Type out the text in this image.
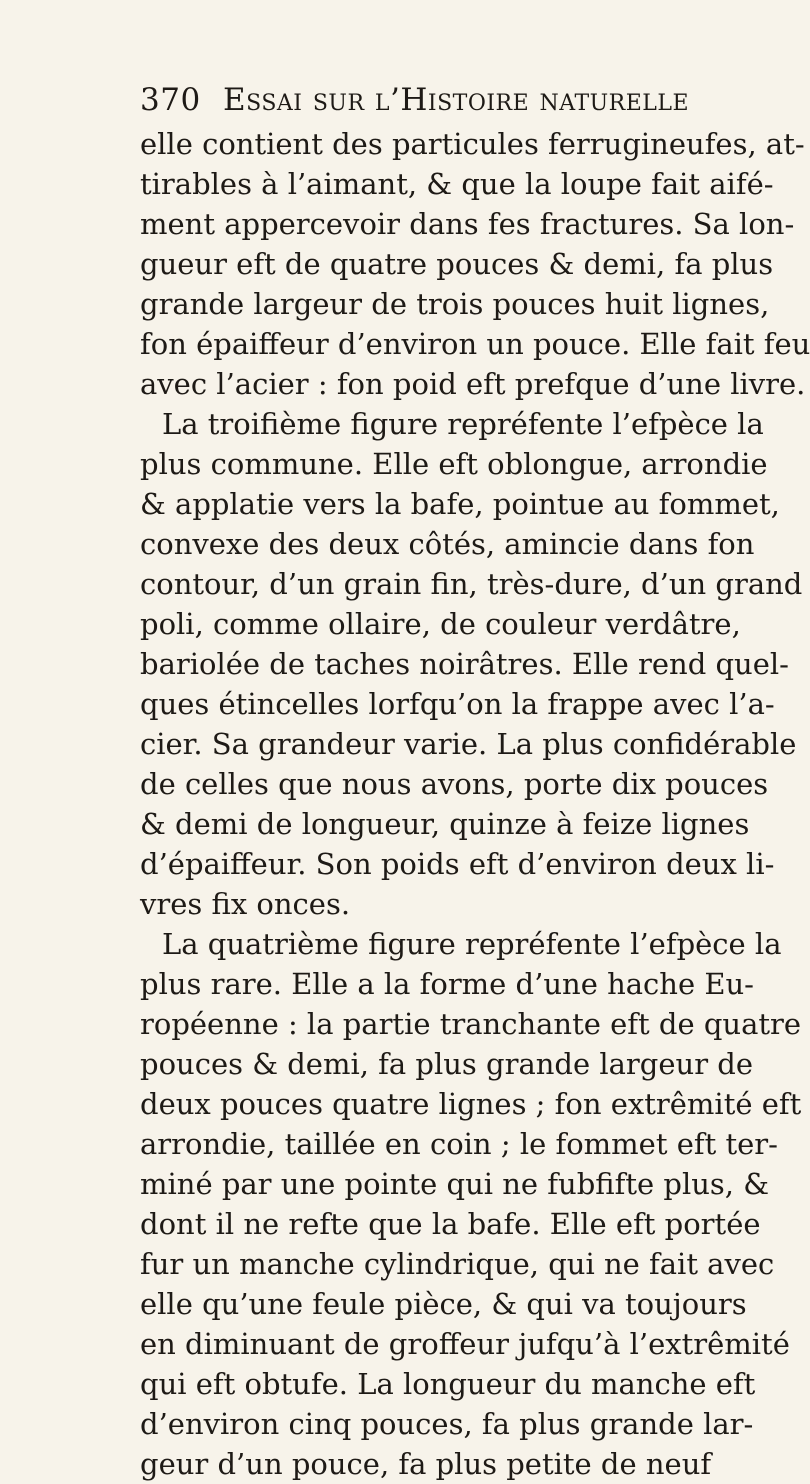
370 Essai sur l’Histoire naturelle
elle contient des particules ferrugineufes, at-
tirables à l’aimant, & que la loupe fait aifé-
ment appercevoir dans fes fractures. Sa lon-
gueur eft de quatre pouces & demi, fa plus
grande largeur de trois pouces huit lignes,
fon épaiffeur d’environ un pouce. Elle fait feu
avec l’acier : fon poid eft prefque d’une livre.
La troifième figure repréfente l’efpèce la
plus commune. Elle eft oblongue, arrondie
& applatie vers la bafe, pointue au fommet,
convexe des deux côtés, amincie dans fon
contour, d’un grain fin, très-dure, d’un grand
poli, comme ollaire, de couleur verdâtre,
bariolée de taches noirâtres. Elle rend quel-
ques étincelles lorfqu’on la frappe avec l’a-
cier. Sa grandeur varie. La plus confidérable
de celles que nous avons, porte dix pouces
& demi de longueur, quinze à feize lignes
d’épaiffeur. Son poids eft d’environ deux li-
vres fix onces.
La quatrième figure repréfente l’efpèce la
plus rare. Elle a la forme d’une hache Eu-
ropéenne : la partie tranchante eft de quatre
pouces & demi, fa plus grande largeur de
deux pouces quatre lignes ; fon extrêmité eft
arrondie, taillée en coin ; le fommet eft ter-
miné par une pointe qui ne fubfifte plus, &
dont il ne refte que la bafe. Elle eft portée
fur un manche cylindrique, qui ne fait avec
elle qu’une feule pièce, & qui va toujours
en diminuant de groffeur jufqu’à l’extrêmité
qui eft obtufe. La longueur du manche eft
d’environ cinq pouces, fa plus grande lar-
geur d’un pouce, fa plus petite de neuf
